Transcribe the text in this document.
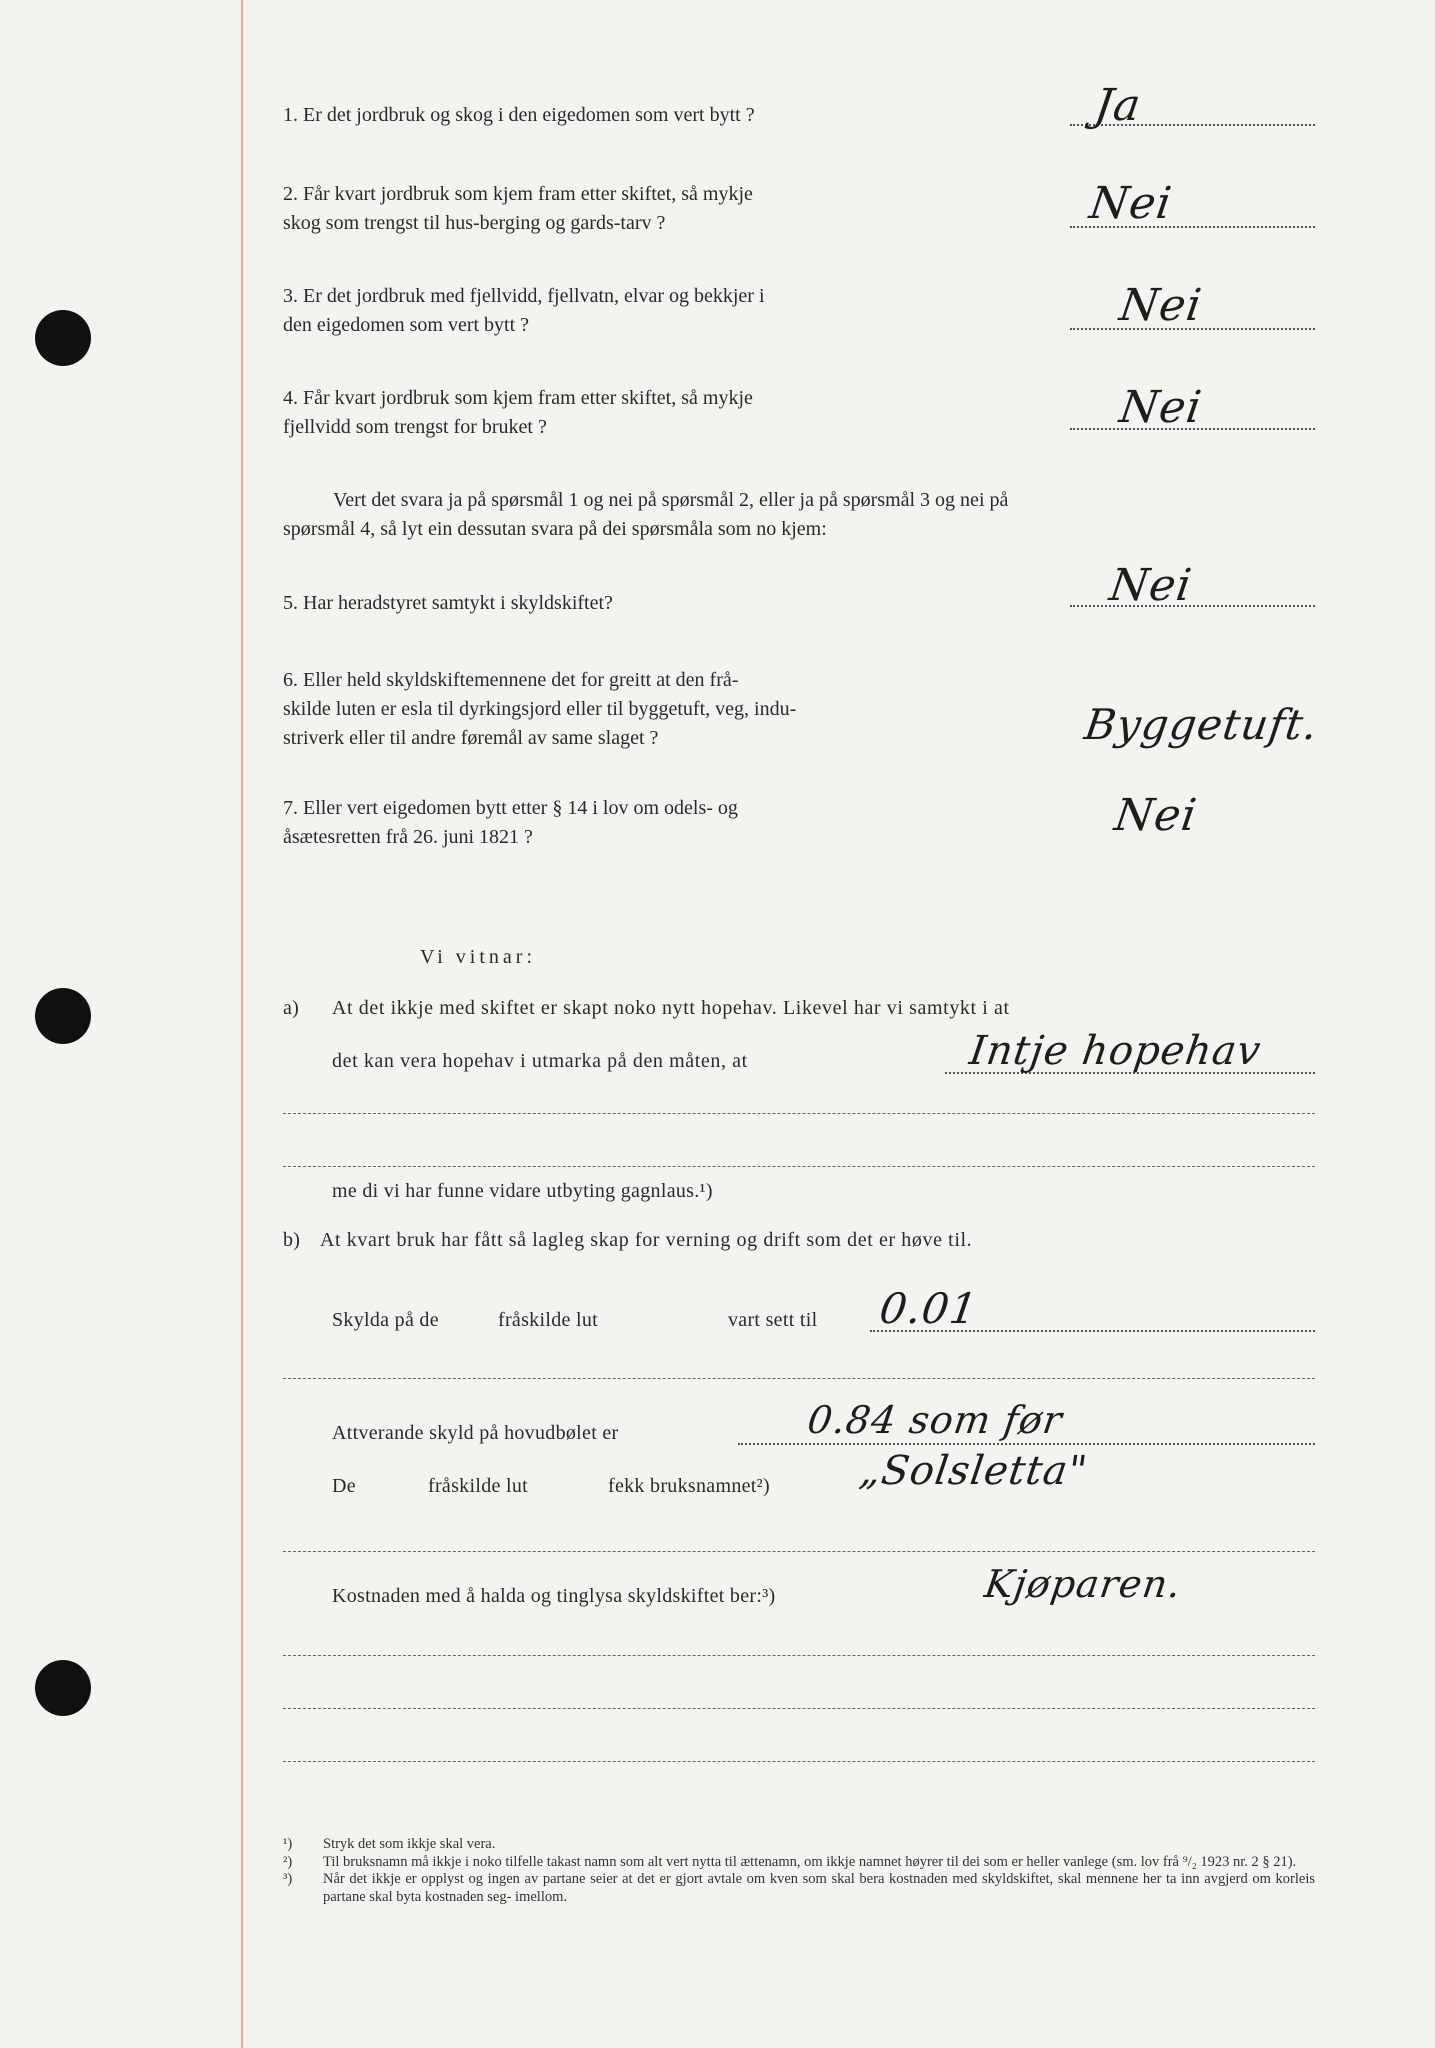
1. Er det jordbruk og skog i den eigedomen som vert bytt ?	Ja
2. Får kvart jordbruk som kjem fram etter skiftet, så mykje
skog som trengst til hus-berging og gards-tarv ?	Nei
3. Er det jordbruk med fjellvidd, fjellvatn, elvar og bekkjer i
den eigedomen som vert bytt ?	Nei
4. Får kvart jordbruk som kjem fram etter skiftet, så mykje
fjellvidd som trengst for bruket ?	Nei
Vert det svara ja på spørsmål 1 og nei på spørsmål 2, eller ja på spørsmål 3 og nei på
spørsmål 4, så lyt ein dessutan svara på dei spørsmåla som no kjem:
5. Har heradstyret samtykt i skyldskiftet?	Nei
6. Eller held skyldskiftemennene det for greitt at den frå-
skilde luten er esla til dyrkingsjord eller til byggetuft, veg, indu-
striverk eller til andre føremål av same slaget ?	Byggetuft.
7. Eller vert eigedomen bytt etter § 14 i lov om odels- og
åsætesretten frå 26. juni 1821 ?	Nei
Vi vitnar:
a) At det ikkje med skiftet er skapt noko nytt hopehav. Likevel har vi samtykt i at
det kan vera hopehav i utmarka på den måten, at	Intje hopehav
me di vi har funne vidare utbyting gagnlaus.¹)
b) At kvart bruk har fått så lagleg skap for verning og drift som det er høve til.
Skylda på de	fråskilde lut	vart sett til 0.01
Attverande skyld på hovudbølet er	0.84 som før
De	fråskilde lut	fekk bruksnamnet²) „Solsletta"
Kostnaden med å halda og tinglysa skyldskiftet ber:³)	Kjøparen.
¹)	Stryk det som ikkje skal vera.
²)	Til bruksnamn må ikkje i noko tilfelle takast namn som alt vert nytta til ættenamn, om ikkje namnet høyrer til dei som er heller vanlege (sm. lov frå ⁹/₂ 1923 nr. 2 § 21).
³)	Når det ikkje er opplyst og ingen av partane seier at det er gjort avtale om kven som skal bera kostnaden med skyldskiftet, skal mennene her ta inn avgjerd om korleis partane skal byta kostnaden seg- imellom.
